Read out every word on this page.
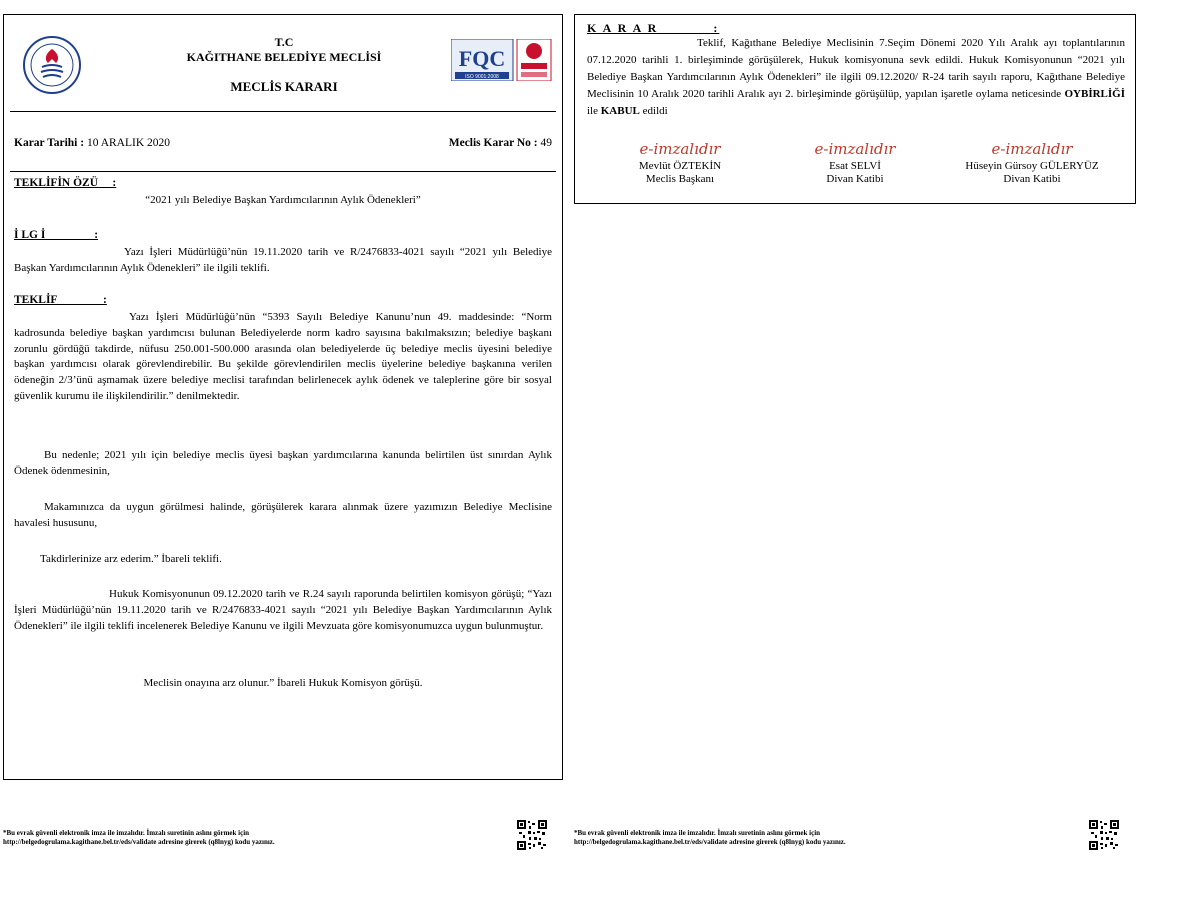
T.C
KAĞITHANE BELEDİYE MECLİSİ
MECLİS KARARI
FQC
ISO 9001:2008
Karar Tarihi : 10 ARALIK 2020	Meclis Karar No : 49
TEKLİFİN ÖZÜ     :
“2021 yılı Belediye Başkan Yardımcılarının Aylık Ödenekleri”
İ LG İ                 :
Yazı İşleri Müdürlüğü’nün 19.11.2020 tarih ve R/2476833-4021 sayılı “2021 yılı Belediye Başkan Yardımcılarının Aylık Ödenekleri” ile ilgili teklifi.
TEKLİF                :
Yazı İşleri Müdürlüğü’nün “5393 Sayılı Belediye Kanunu’nun 49. maddesinde: “Norm kadrosunda belediye başkan yardımcısı bulunan Belediyelerde norm kadro sayısına bakılmaksızın; belediye başkanı zorunlu gördüğü takdirde, nüfusu 250.001-500.000 arasında olan belediyelerde üç belediye meclis üyesini belediye başkan yardımcısı olarak görevlendirebilir. Bu şekilde görevlendirilen meclis üyelerine belediye başkanına verilen ödeneğin 2/3’ünü aşmamak üzere belediye meclisi tarafından belirlenecek aylık ödenek ve taleplerine göre bir sosyal güvenlik kurumu ile ilişkilendirilir.” denilmektedir.
Bu nedenle; 2021 yılı için belediye meclis üyesi başkan yardımcılarına kanunda belirtilen üst sınırdan Aylık Ödenek ödenmesinin,
Makamınızca da uygun görülmesi halinde, görüşülerek karara alınmak üzere yazımızın Belediye Meclisine havalesi hususunu,
Takdirlerinize arz ederim.” İbareli teklifi.
Hukuk Komisyonunun 09.12.2020 tarih ve R.24 sayılı raporunda belirtilen komisyon görüşü; “Yazı İşleri Müdürlüğü’nün 19.11.2020 tarih ve R/2476833-4021 sayılı “2021 yılı Belediye Başkan Yardımcılarının Aylık Ödenekleri” ile ilgili teklifi incelenerek Belediye Kanunu ve ilgili Mevzuata göre komisyonumuzca uygun bulunmuştur.
Meclisin onayına arz olunur.” İbareli Hukuk Komisyon görüşü.
K A R A R           :
Teklif, Kağıthane Belediye Meclisinin 7.Seçim Dönemi 2020 Yılı Aralık ayı toplantılarının 07.12.2020 tarihli 1. birleşiminde görüşülerek, Hukuk komisyonuna sevk edildi. Hukuk Komisyonunun “2021 yılı Belediye Başkan Yardımcılarının Aylık Ödenekleri” ile ilgili 09.12.2020/ R-24 tarih sayılı raporu, Kağıthane Belediye Meclisinin 10 Aralık 2020 tarihli Aralık ayı 2. birleşiminde görüşülüp, yapılan işaretle oylama neticesinde OYBİRLİĞİ ile KABUL edildi
e-imzalıdır
Mevlüt ÖZTEKİN
Meclis Başkanı
e-imzalıdır
Esat SELVİ
Divan Katibi
e-imzalıdır
Hüseyin Gürsoy GÜLERYÜZ
Divan Katibi
*Bu evrak güvenli elektronik imza ile imzalıdır. İmzalı suretinin aslını görmek için
http://belgedogrulama.kagithane.bel.tr/eds/validate adresine girerek (q8lnyg) kodu yazınız.
*Bu evrak güvenli elektronik imza ile imzalıdır. İmzalı suretinin aslını görmek için
http://belgedogrulama.kagithane.bel.tr/eds/validate adresine girerek (q8lnyg) kodu yazınız.
